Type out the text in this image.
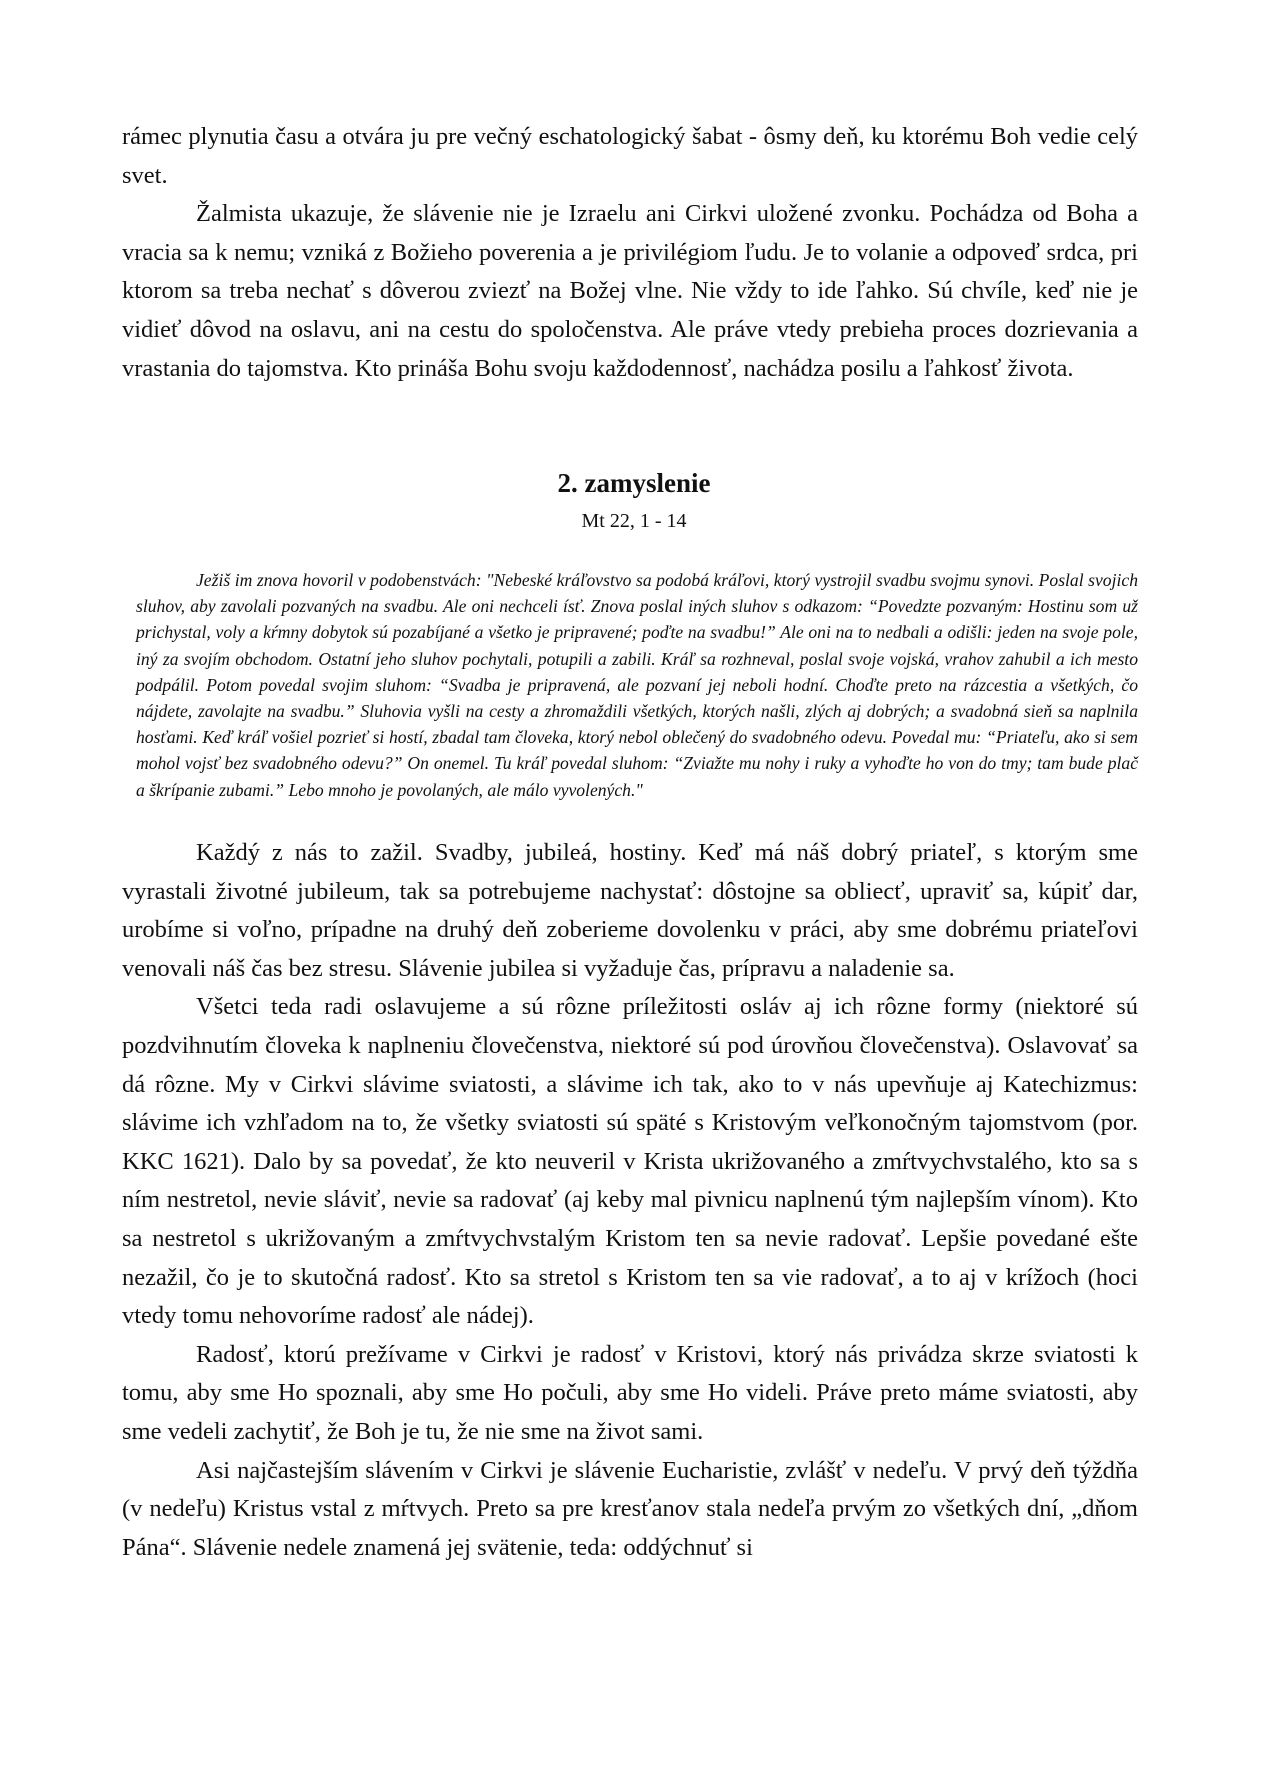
rámec plynutia času a otvára ju pre večný eschatologický šabat - ôsmy deň, ku ktorému Boh vedie celý svet.

Žalmista ukazuje, že slávenie nie je Izraelu ani Cirkvi uložené zvonku. Pochádza od Boha a vracia sa k nemu; vzniká z Božieho poverenia a je privilégiom ľudu. Je to volanie a odpoveď srdca, pri ktorom sa treba nechať s dôverou zviezť na Božej vlne. Nie vždy to ide ľahko. Sú chvíle, keď nie je vidieť dôvod na oslavu, ani na cestu do spoločenstva. Ale práve vtedy prebieha proces dozrievania a vrastania do tajomstva. Kto prináša Bohu svoju každodennosť, nachádza posilu a ľahkosť života.

2. zamyslenie
Mt 22, 1 - 14
Ježiš im znova hovoril v podobenstvách: "Nebeské kráľovstvo sa podobá kráľovi, ktorý vystrojil svadbu svojmu synovi. Poslal svojich sluhov, aby zavolali pozvaných na svadbu. Ale oni nechceli ísť. Znova poslal iných sluhov s odkazom: “Povedzte pozvaným: Hostinu som už prichystal, voly a kŕmny dobytok sú pozabíjané a všetko je pripravené; poďte na svadbu!” Ale oni na to nedbali a odišli: jeden na svoje pole, iný za svojím obchodom. Ostatní jeho sluhov pochytali, potupili a zabili. Kráľ sa rozhneval, poslal svoje vojská, vrahov zahubil a ich mesto podpálil. Potom povedal svojim sluhom: “Svadba je pripravená, ale pozvaní jej neboli hodní. Choďte preto na rázcestia a všetkých, čo nájdete, zavolajte na svadbu.” Sluhovia vyšli na cesty a zhromaždili všetkých, ktorých našli, zlých aj dobrých; a svadobná sieň sa naplnila hosťami. Keď kráľ vošiel pozrieť si hostí, zbadal tam človeka, ktorý nebol oblečený do svadobného odevu. Povedal mu: “Priateľu, ako si sem mohol vojsť bez svadobného odevu?” On onemel. Tu kráľ povedal sluhom: “Zviažte mu nohy i ruky a vyhoďte ho von do tmy; tam bude plač a škrípanie zubami.” Lebo mnoho je povolaných, ale málo vyvolených."

Každý z nás to zažil. Svadby, jubileá, hostiny. Keď má náš dobrý priateľ, s ktorým sme vyrastali životné jubileum, tak sa potrebujeme nachystať: dôstojne sa obliecť, upraviť sa, kúpiť dar, urobíme si voľno, prípadne na druhý deň zoberieme dovolenku v práci, aby sme dobrému priateľovi venovali náš čas bez stresu. Slávenie jubilea si vyžaduje čas, prípravu a naladenie sa.

Všetci teda radi oslavujeme a sú rôzne príležitosti osláv aj ich rôzne formy (niektoré sú pozdvihnutím človeka k naplneniu človečenstva, niektoré sú pod úrovňou človečenstva). Oslavovať sa dá rôzne. My v Cirkvi slávime sviatosti, a slávime ich tak, ako to v nás upevňuje aj Katechizmus: slávime ich vzhľadom na to, že všetky sviatosti sú späté s Kristovým veľkonočným tajomstvom (por. KKC 1621). Dalo by sa povedať, že kto neuveril v Krista ukrižovaného a zmŕtvychvstalého, kto sa s ním nestretol, nevie sláviť, nevie sa radovať (aj keby mal pivnicu naplnenú tým najlepším vínom). Kto sa nestretol s ukrižovaným a zmŕtvychvstalým Kristom ten sa nevie radovať. Lepšie povedané ešte nezažil, čo je to skutočná radosť. Kto sa stretol s Kristom ten sa vie radovať, a to aj v krížoch (hoci vtedy tomu nehovoríme radosť ale nádej).

Radosť, ktorú prežívame v Cirkvi je radosť v Kristovi, ktorý nás privádza skrze sviatosti k tomu, aby sme Ho spoznali, aby sme Ho počuli, aby sme Ho videli. Práve preto máme sviatosti, aby sme vedeli zachytiť, že Boh je tu, že nie sme na život sami.

Asi najčastejším slávením v Cirkvi je slávenie Eucharistie, zvlášť v nedeľu. V prvý deň týždňa (v nedeľu) Kristus vstal z mŕtvych. Preto sa pre kresťanov stala nedeľa prvým zo všetkých dní, „dňom Pána“. Slávenie nedele znamená jej svätenie, teda: oddýchnuť si
